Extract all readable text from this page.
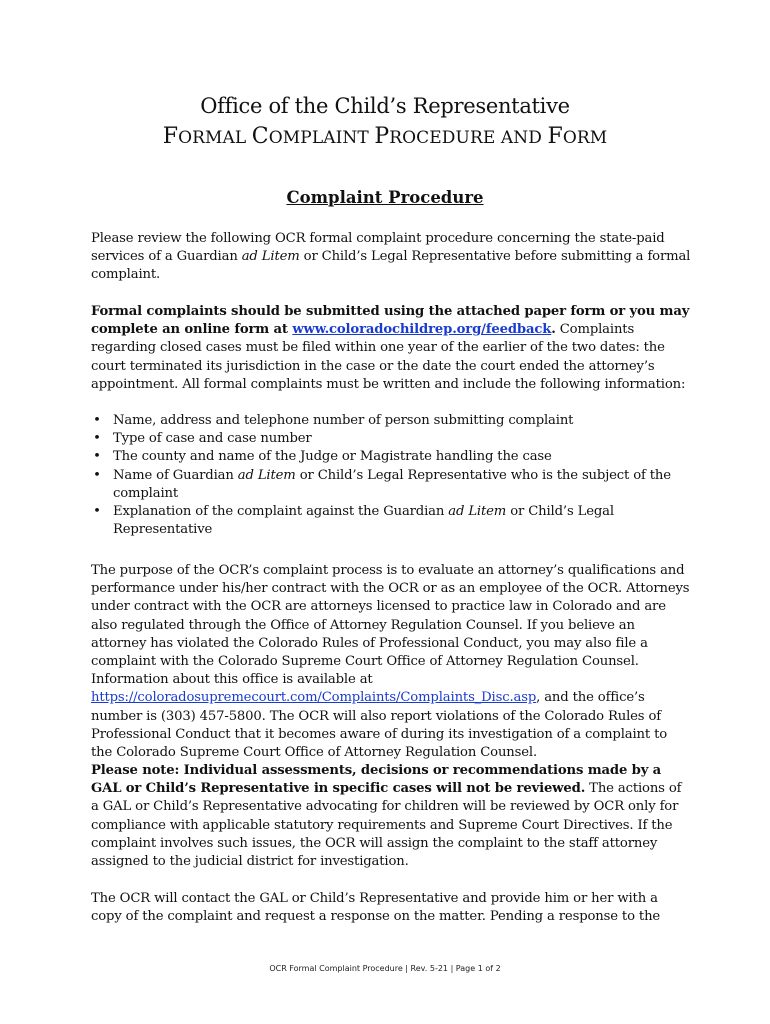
Office of the Child’s Representative
FORMAL COMPLAINT PROCEDURE AND FORM
Complaint Procedure

Please review the following OCR formal complaint procedure concerning the state-paid services of a Guardian ad Litem or Child’s Legal Representative before submitting a formal complaint.

Formal complaints should be submitted using the attached paper form or you may complete an online form at www.coloradochildrep.org/feedback. Complaints regarding closed cases must be filed within one year of the earlier of the two dates: the court terminated its jurisdiction in the case or the date the court ended the attorney’s appointment. All formal complaints must be written and include the following information:

• Name, address and telephone number of person submitting complaint
• Type of case and case number
• The county and name of the Judge or Magistrate handling the case
• Name of Guardian ad Litem or Child’s Legal Representative who is the subject of the complaint
• Explanation of the complaint against the Guardian ad Litem or Child’s Legal Representative

The purpose of the OCR’s complaint process is to evaluate an attorney’s qualifications and performance under his/her contract with the OCR or as an employee of the OCR. Attorneys under contract with the OCR are attorneys licensed to practice law in Colorado and are also regulated through the Office of Attorney Regulation Counsel. If you believe an attorney has violated the Colorado Rules of Professional Conduct, you may also file a complaint with the Colorado Supreme Court Office of Attorney Regulation Counsel. Information about this office is available at https://coloradosupremecourt.com/Complaints/Complaints_Disc.asp, and the office’s number is (303) 457-5800. The OCR will also report violations of the Colorado Rules of Professional Conduct that it becomes aware of during its investigation of a complaint to the Colorado Supreme Court Office of Attorney Regulation Counsel.

Please note: Individual assessments, decisions or recommendations made by a GAL or Child’s Representative in specific cases will not be reviewed. The actions of a GAL or Child’s Representative advocating for children will be reviewed by OCR only for compliance with applicable statutory requirements and Supreme Court Directives. If the complaint involves such issues, the OCR will assign the complaint to the staff attorney assigned to the judicial district for investigation.

The OCR will contact the GAL or Child’s Representative and provide him or her with a copy of the complaint and request a response on the matter. Pending a response to the

OCR Formal Complaint Procedure | Rev. 5-21 | Page 1 of 2
